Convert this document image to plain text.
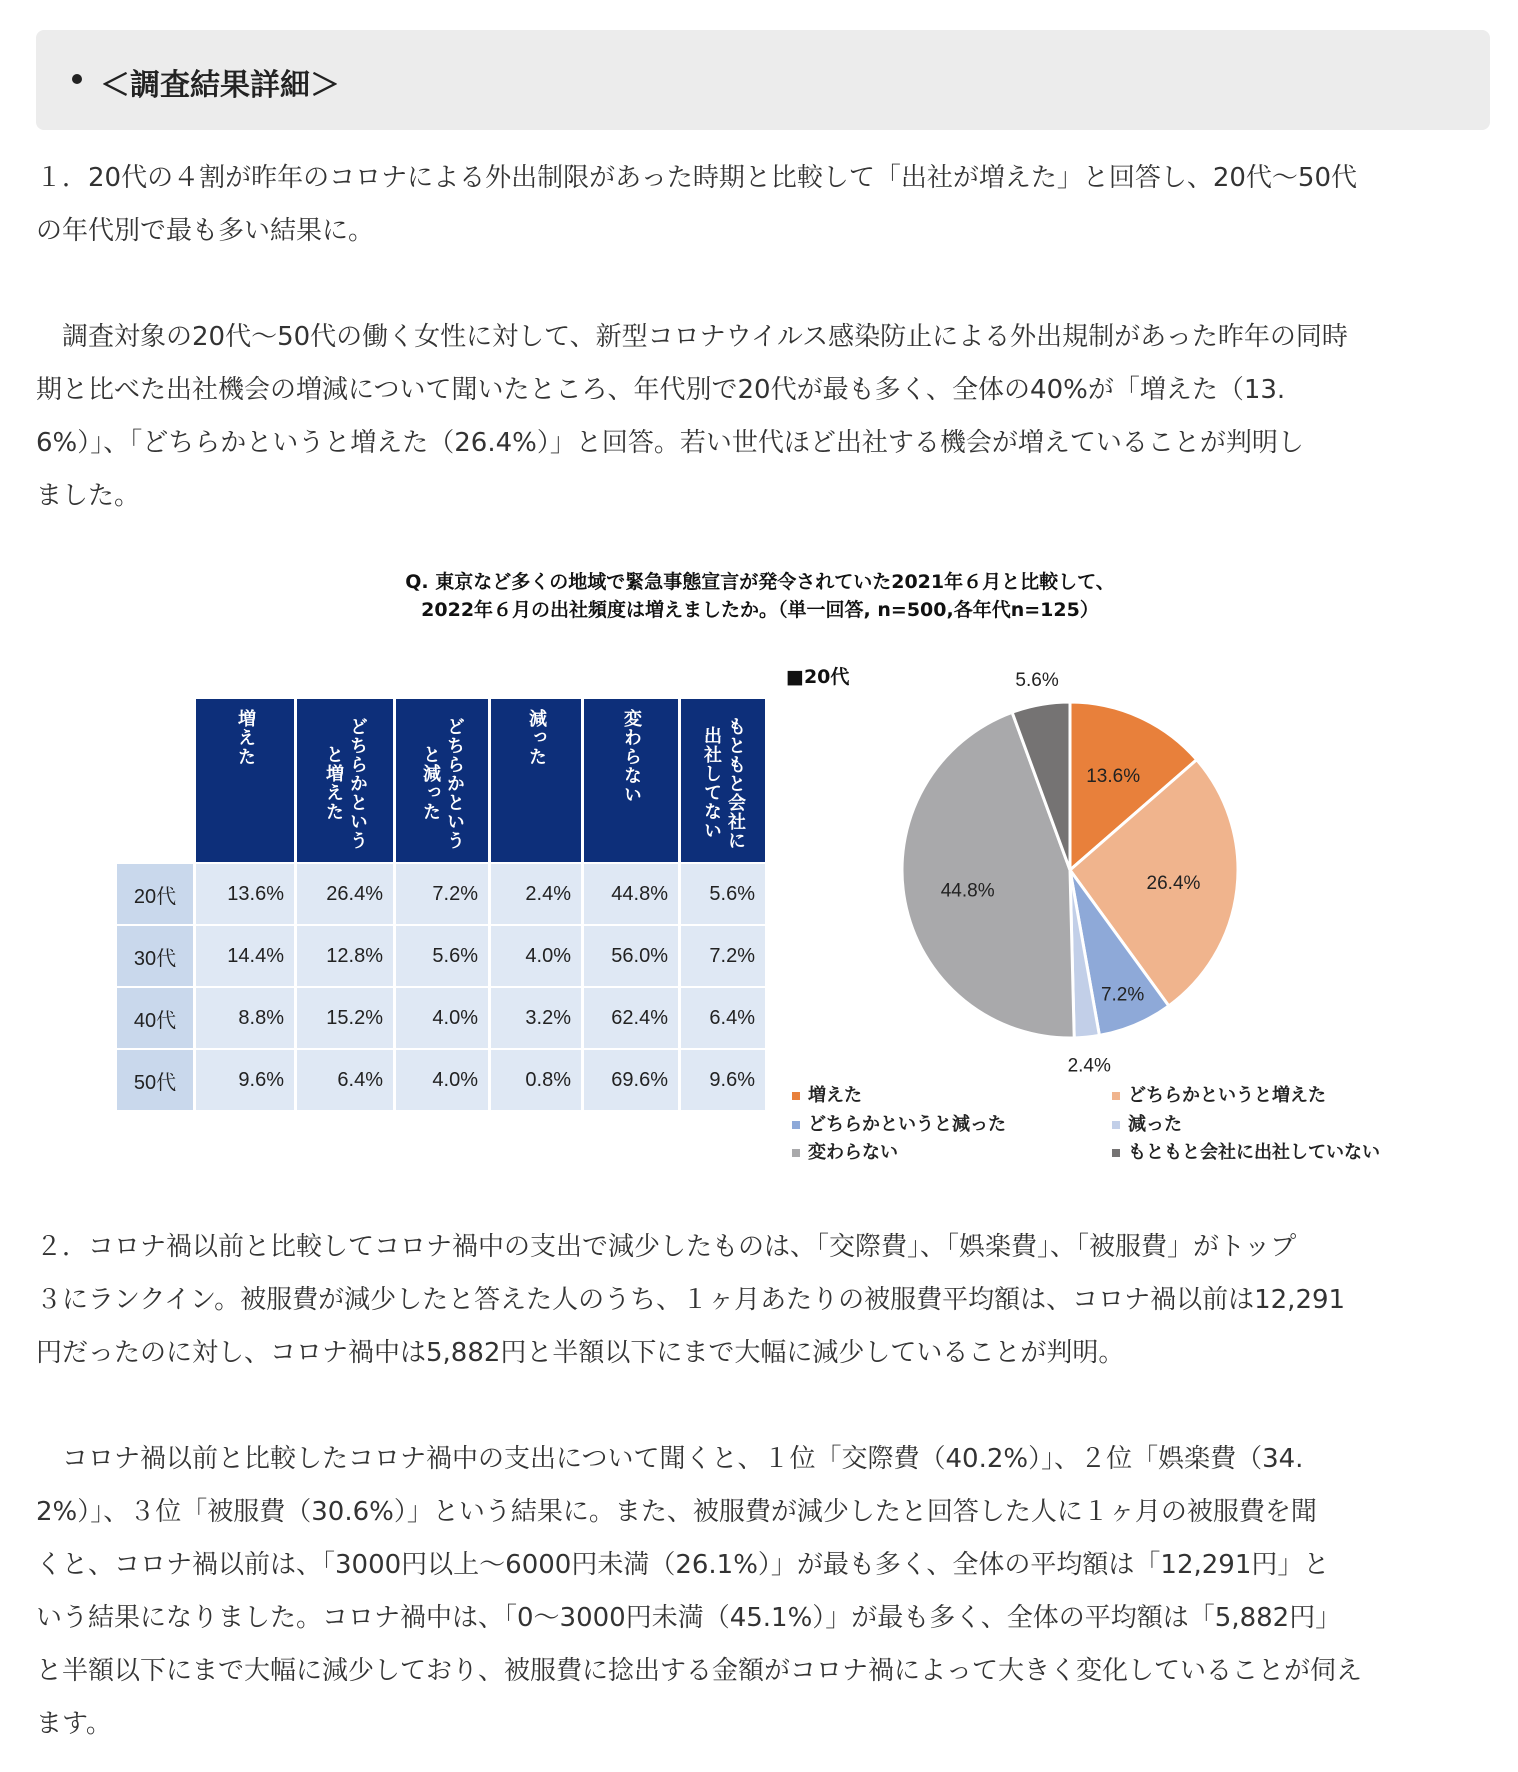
＜調査結果詳細＞

１．20代の４割が昨年のコロナによる外出制限があった時期と比較して「出社が増えた」と回答し、20代〜50代
の年代別で最も多い結果に。

　調査対象の20代〜50代の働く女性に対して、新型コロナウイルス感染防止による外出規制があった昨年の同時
期と比べた出社機会の増減について聞いたところ、年代別で20代が最も多く、全体の40%が「増えた（13.
6%）」、「どちらかというと増えた（26.4%）」と回答。若い世代ほど出社する機会が増えていることが判明し
ました。

Q. 東京など多くの地域で緊急事態宣言が発令されていた2021年６月と比較して、
2022年６月の出社頻度は増えましたか。（単一回答, n=500,各年代n=125）

	増えた	どちらかというと増えた	どちらかというと減った	減った	変わらない	もともと会社に出社してない

20代	13.6%	26.4%	7.2%	2.4%	44.8%	5.6%
30代	14.4%	12.8%	5.6%	4.0%	56.0%	7.2%
40代	8.8%	15.2%	4.0%	3.2%	62.4%	6.4%
50代	9.6%	6.4%	4.0%	0.8%	69.6%	9.6%
■20代
13.6%
26.4%
7.2%
2.4%
44.8%
5.6%
増えた	どちらかというと増えた
どちらかというと減った	減った
変わらない	もともと会社に出社していない

２．コロナ禍以前と比較してコロナ禍中の支出で減少したものは、「交際費」、「娯楽費」、「被服費」がトップ
３にランクイン。被服費が減少したと答えた人のうち、１ヶ月あたりの被服費平均額は、コロナ禍以前は12,291
円だったのに対し、コロナ禍中は5,882円と半額以下にまで大幅に減少していることが判明。

　コロナ禍以前と比較したコロナ禍中の支出について聞くと、１位「交際費（40.2%）」、２位「娯楽費（34.
2%）」、３位「被服費（30.6%）」という結果に。また、被服費が減少したと回答した人に１ヶ月の被服費を聞
くと、コロナ禍以前は、「3000円以上〜6000円未満（26.1%）」が最も多く、全体の平均額は「12,291円」と
いう結果になりました。コロナ禍中は、「0〜3000円未満（45.1%）」が最も多く、全体の平均額は「5,882円」
と半額以下にまで大幅に減少しており、被服費に捻出する金額がコロナ禍によって大きく変化していることが伺え
ます。
